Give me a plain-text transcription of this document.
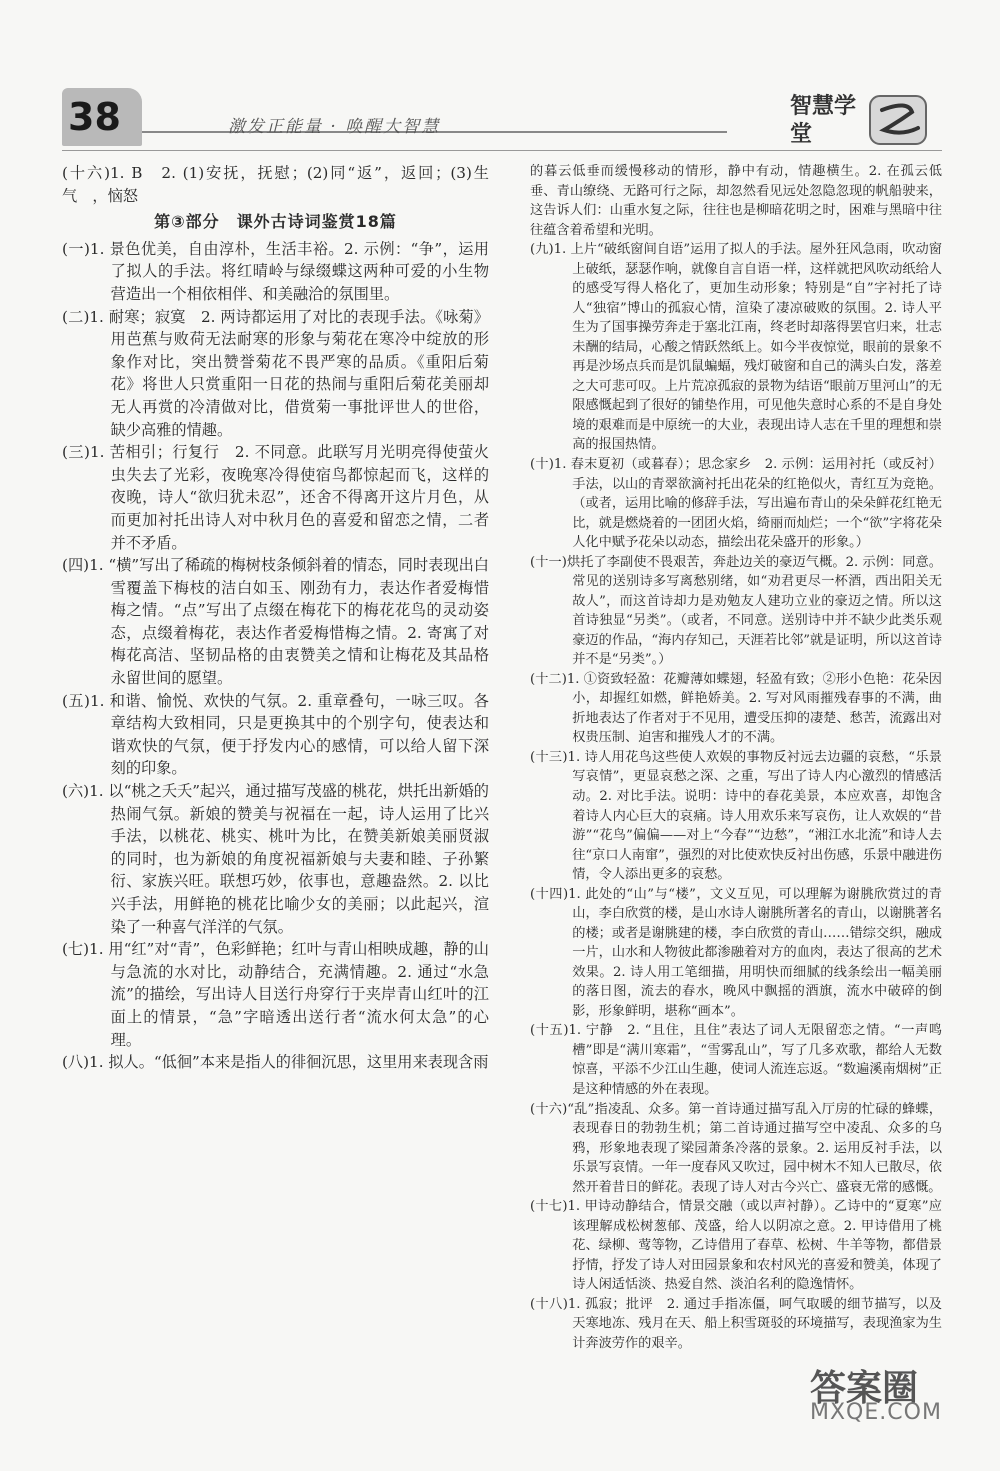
38	激发正能量 · 唤醒大智慧
智慧学堂

(十六)1. B　2. (1)安抚，抚慰；(2)同“返”，返回；(3)生气　，恼怒

第③部分　课外古诗词鉴赏18篇

(一)1. 景色优美，自由淳朴，生活丰裕。2. 示例：“争”，运用了拟人的手法。将红晴岭与绿缀蝶这两种可爱的小生物营造出一个相依相伴、和美融洽的氛围里。

(二)1. 耐寒；寂寞　2. 两诗都运用了对比的表现手法。《咏菊》用芭蕉与败荷无法耐寒的形象与菊花在寒冷中绽放的形象作对比，突出赞誉菊花不畏严寒的品质。《重阳后菊花》将世人只赏重阳一日花的热闹与重阳后菊花美丽却无人再赏的冷清做对比，借赏菊一事批评世人的世俗，缺少高雅的情趣。

(三)1. 苦相引；行复行　2. 不同意。此联写月光明亮得使萤火虫失去了光彩，夜晚寒冷得使宿鸟都惊起而飞，这样的夜晚，诗人“欲归犹未忍”，还舍不得离开这片月色，从而更加衬托出诗人对中秋月色的喜爱和留恋之情，二者并不矛盾。

(四)1. “横”写出了稀疏的梅树枝条倾斜着的情态，同时表现出白雪覆盖下梅枝的洁白如玉、刚劲有力，表达作者爱梅惜梅之情。“点”写出了点缀在梅花下的梅花花鸟的灵动姿态，点缀着梅花，表达作者爱梅惜梅之情。2. 寄寓了对梅花高洁、坚韧品格的由衷赞美之情和让梅花及其品格永留世间的愿望。

(五)1. 和谐、愉悦、欢快的气氛。2. 重章叠句，一咏三叹。各章结构大致相同，只是更换其中的个别字句，使表达和谐欢快的气氛，便于抒发内心的感情，可以给人留下深刻的印象。

(六)1. 以“桃之夭夭”起兴，通过描写茂盛的桃花，烘托出新婚的热闹气氛。新娘的赞美与祝福在一起，诗人运用了比兴手法，以桃花、桃实、桃叶为比，在赞美新娘美丽贤淑的同时，也为新娘的角度祝福新娘与夫妻和睦、子孙繁衍、家族兴旺。联想巧妙，依事也，意趣盎然。2. 以比兴手法，用鲜艳的桃花比喻少女的美丽；以此起兴，渲染了一种喜气洋洋的气氛。

(七)1. 用“红”对“青”，色彩鲜艳；红叶与青山相映成趣，静的山与急流的水对比，动静结合，充满情趣。2. 通过“水急流”的描绘，写出诗人目送行舟穿行于夹岸青山红叶的江面上的情景，“急”字暗透出送行者“流水何太急”的心理。

(八)1. 拟人。“低徊”本来是指人的徘徊沉思，这里用来表现含雨

的暮云低垂而缓慢移动的情形，静中有动，情趣横生。2. 在孤云低垂、青山缭绕、无路可行之际，却忽然看见远处忽隐忽现的帆船驶来，这告诉人们：山重水复之际，往往也是柳暗花明之时，困难与黑暗中往往蕴含着希望和光明。

(九)1. 上片“破纸窗间自语”运用了拟人的手法。屋外狂风急雨，吹动窗上破纸，瑟瑟作响，就像自言自语一样，这样就把风吹动纸给人的感受写得人格化了，更加生动形象；特别是“自”字衬托了诗人“独宿”博山的孤寂心情，渲染了凄凉破败的氛围。2. 诗人平生为了国事操劳奔走于塞北江南，终老时却落得罢官归来，壮志未酬的结局，心酸之情跃然纸上。如今半夜惊觉，眼前的景象不再是沙场点兵而是饥鼠蝙蝠，残灯破窗和自己的满头白发，落差之大可悲可叹。上片荒凉孤寂的景物为结语“眼前万里河山”的无限感慨起到了很好的铺垫作用，可见他失意时心系的不是自身处境的艰难而是中原统一的大业，表现出诗人志在千里的理想和崇高的报国热情。

(十)1. 春末夏初（或暮春）；思念家乡　2. 示例：运用衬托（或反衬）手法，以山的青翠欲滴衬托出花朵的红艳似火，青红互为竞艳。（或者，运用比喻的修辞手法，写出遍布青山的朵朵鲜花红艳无比，就是燃烧着的一团团火焰，绮丽而灿烂；一个“欲”字将花朵人化中赋予花朵以动态，描绘出花朵盛开的形象。）

(十一)烘托了李副使不畏艰苦，奔赴边关的豪迈气概。2. 示例：同意。常见的送别诗多写离愁别绪，如“劝君更尽一杯酒，西出阳关无故人”，而这首诗却力是劝勉友人建功立业的豪迈之情。所以这首诗独显“另类”。（或者，不同意。送别诗中并不缺少此类乐观豪迈的作品，“海内存知己，天涯若比邻”就是证明，所以这首诗并不是“另类”。）

(十二)1. ①资致轻盈：花瓣薄如蝶翅，轻盈有致；②形小色艳：花朵因小，却握红如燃，鲜艳娇美。2. 写对风雨摧残春事的不满，曲折地表达了作者对于不见用，遭受压抑的凄楚、愁苦，流露出对权贵压制、迫害和摧残人才的不满。

(十三)1. 诗人用花鸟这些使人欢娱的事物反衬远去边疆的哀愁，“乐景写哀情”，更显哀愁之深、之重，写出了诗人内心激烈的情感活动。2. 对比手法。说明：诗中的春花美景，本应欢喜，却饱含着诗人内心巨大的哀痛。诗人用欢乐来写哀伤，让人欢娱的“昔游”“花鸟”偏偏——对上“今春”“边愁”，“湘江水北流”和诗人去往“京口人南窜”，强烈的对比使欢快反衬出伤感，乐景中融进伤情，令人添出更多的哀愁。

(十四)1. 此处的“山”与“楼”，文义互见，可以理解为谢朓欣赏过的青山，李白欣赏的楼，是山水诗人谢朓所著名的青山，以谢朓著名的楼；或者是谢朓建的楼，李白欣赏的青山……错综交织，融成一片，山水和人物彼此都渗融着对方的血肉，表达了很高的艺术效果。2. 诗人用工笔细描，用明快而细腻的线条绘出一幅美丽的落日图，流去的春水，晚风中飘摇的酒旗，流水中破碎的倒影，形象鲜明，堪称“画本”。

(十五)1. 宁静　2. “且住，且住”表达了词人无限留恋之情。“一声鸣槽”即是“满川寒霜”，“雪雾乱山”，写了几多欢歌，都给人无数惊喜，平添不少江山生趣，使词人流连忘返。“数遍溪南烟树”正是这种情感的外在表现。

(十六)“乱”指凌乱、众多。第一首诗通过描写乱入厅房的忙碌的蜂蝶，表现春日的勃勃生机；第二首诗通过描写空中凌乱、众多的乌鸦，形象地表现了梁园萧条冷落的景象。2. 运用反衬手法，以乐景写哀情。一年一度春风又吹过，园中树木不知人已散尽，依然开着昔日的鲜花。表现了诗人对古今兴亡、盛衰无常的感慨。

(十七)1. 甲诗动静结合，情景交融（或以声衬静）。乙诗中的“夏寒”应该理解成松树葱郁、茂盛，给人以阴凉之意。2. 甲诗借用了桃花、绿柳、莺等物，乙诗借用了春草、松树、牛羊等物，都借景抒情，抒发了诗人对田园景象和农村风光的喜爱和赞美，体现了诗人闲适恬淡、热爱自然、淡泊名利的隐逸情怀。

(十八)1. 孤寂；批评　2. 通过手指冻僵，呵气取暖的细节描写，以及天寒地冻、残月在天、船上积雪斑驳的环境描写，表现渔家为生计奔波劳作的艰辛。

答案圈
MXQE.COM
